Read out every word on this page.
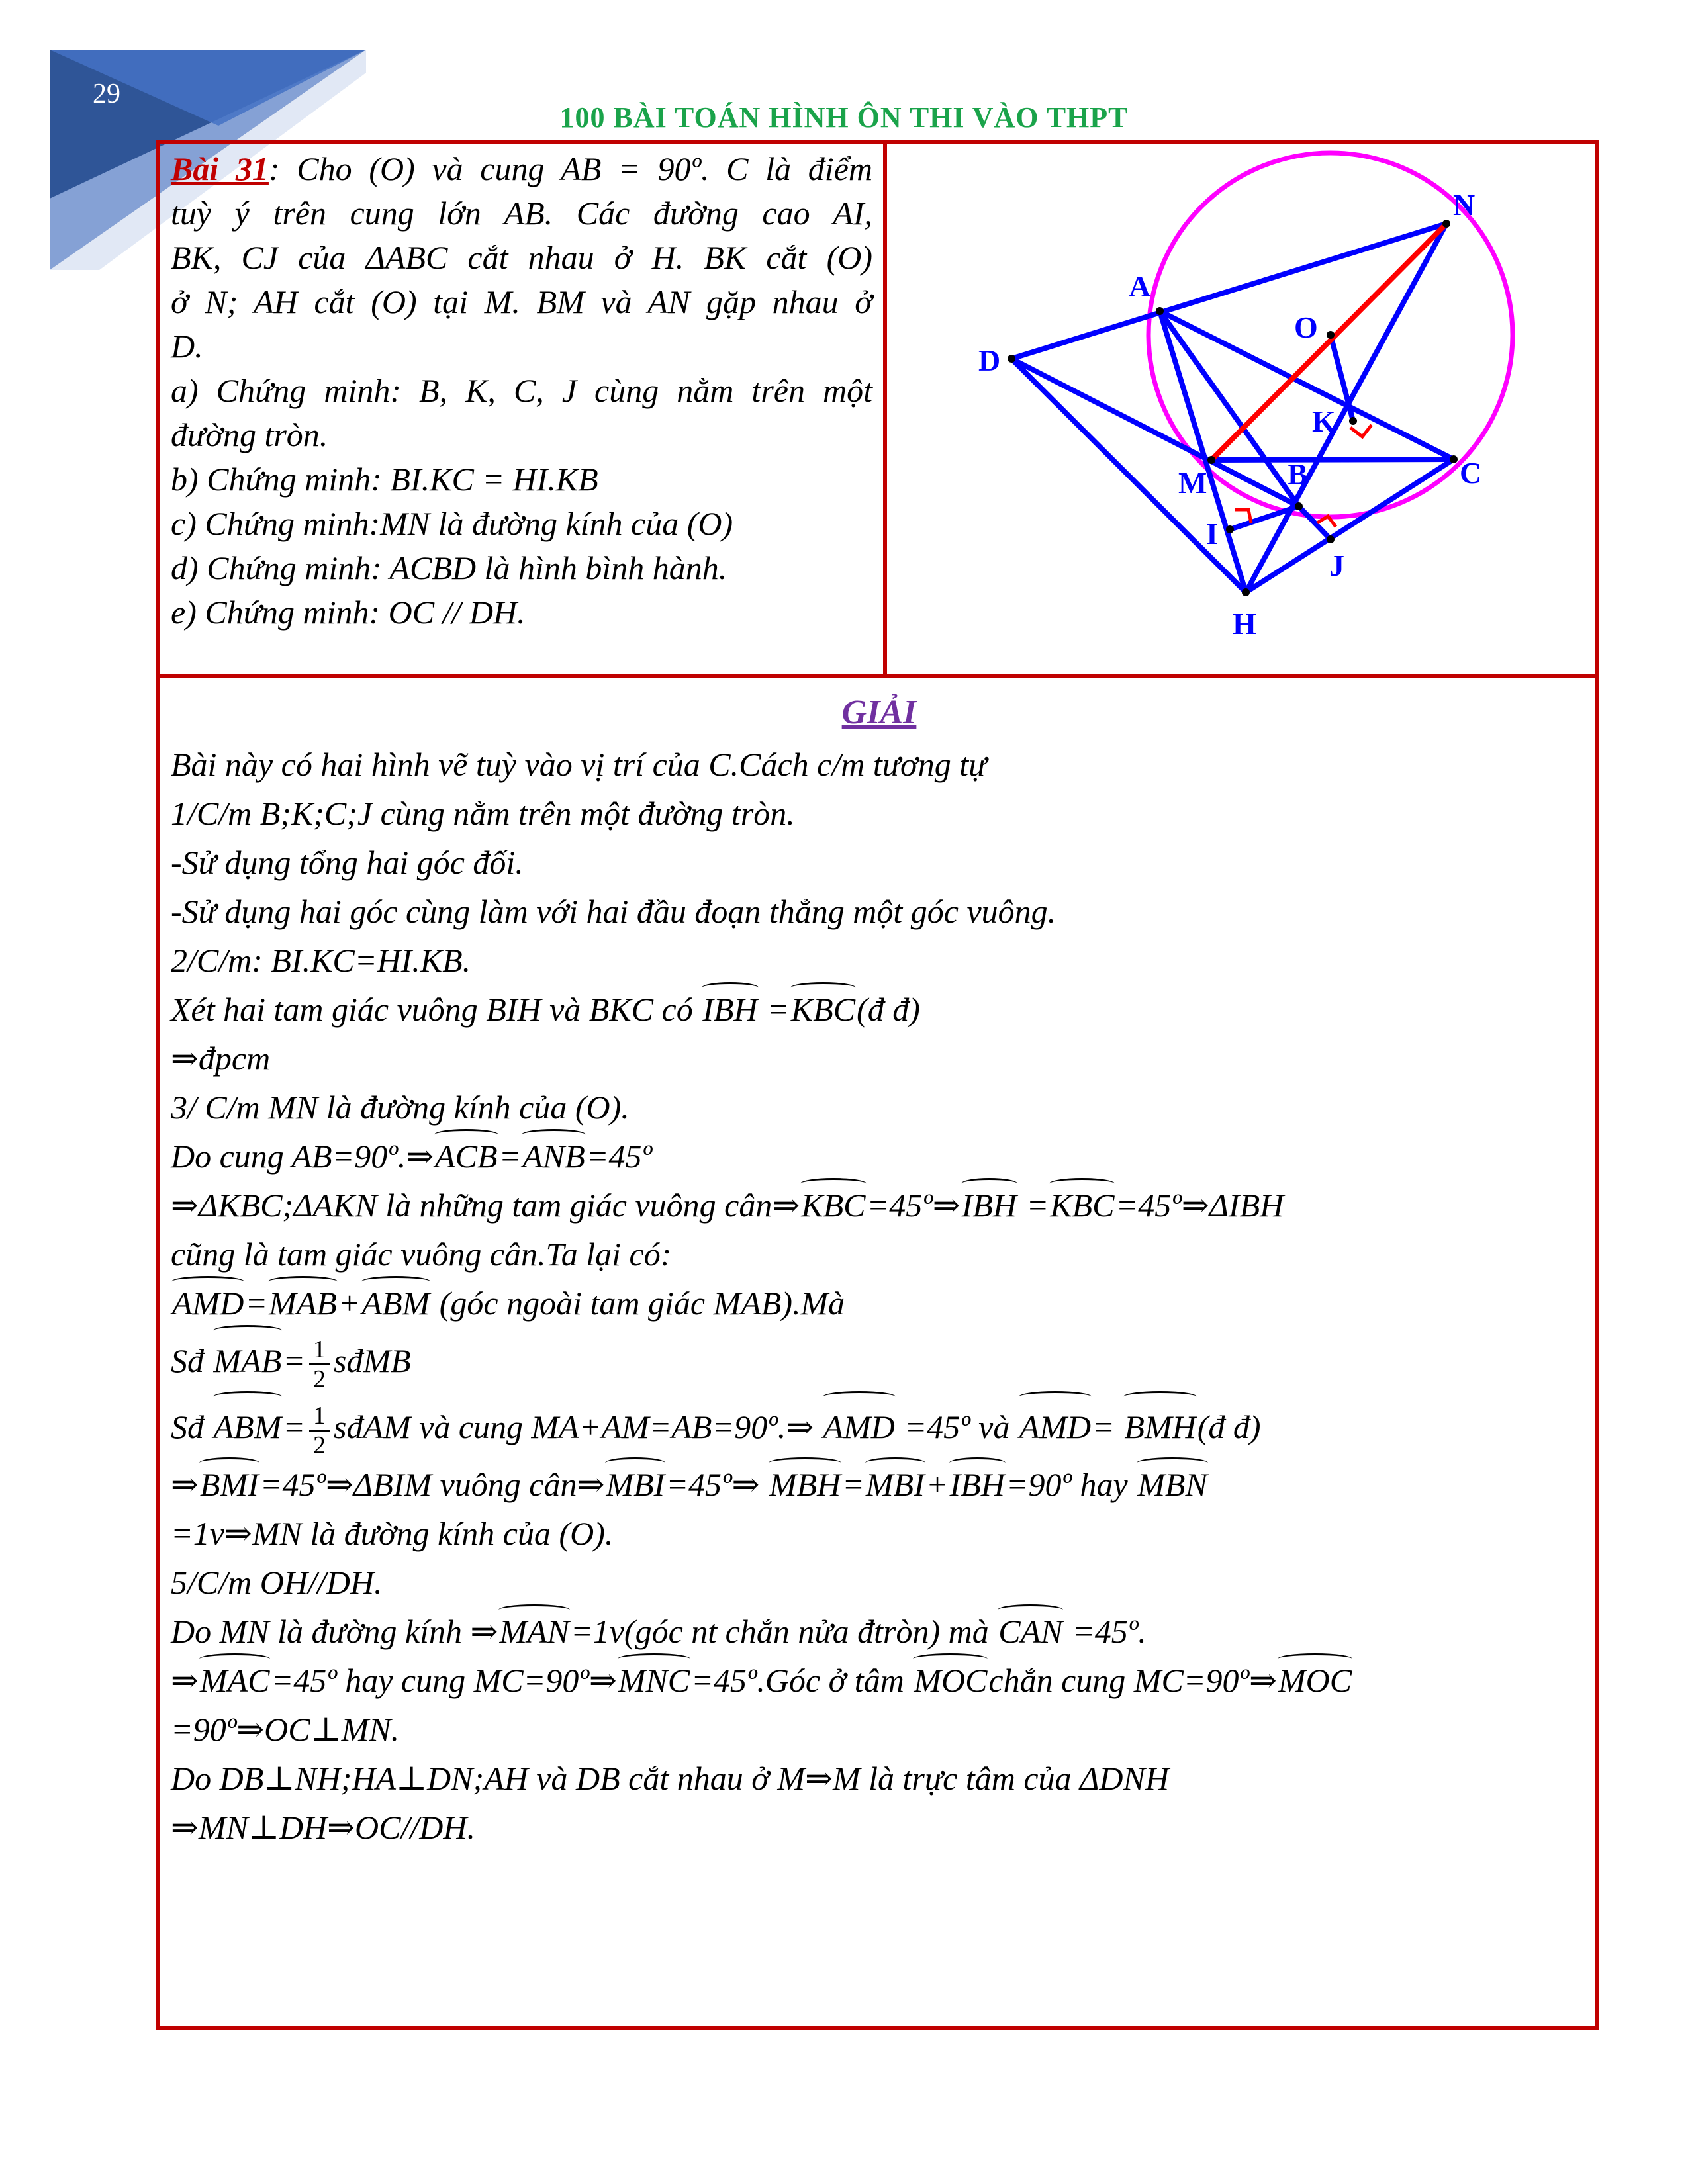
29
100 BÀI TOÁN HÌNH ÔN THI VÀO THPT
Bài 31: Cho (O) và cung AB = 90º. C là điểm
tuỳ ý trên cung lớn AB. Các đường cao AI,
BK, CJ của ΔABC cắt nhau ở H. BK cắt (O)
ở N; AH cắt (O) tại M. BM và AN gặp nhau ở
D.
a) Chứng minh: B, K, C, J cùng nằm trên một
đường tròn.
b) Chứng minh: BI.KC = HI.KB
c) Chứng minh:MN là đường kính của (O)
d) Chứng minh: ACBD là hình bình hành.
e) Chứng minh: OC // DH.
N
A
O
D
K
C
M	B
I
J
H
GIẢI
Bài này có hai hình vẽ tuỳ vào vị trí của C.Cách c/m tương tự
1/C/m B;K;C;J cùng nằm trên một đường tròn.
-Sử dụng tổng hai góc đối.
-Sử dụng hai góc cùng làm với hai đầu đoạn thẳng một góc vuông.
2/C/m: BI.KC=HI.KB.
Xét hai tam giác vuông BIH và BKC có IBH =KBC(đ đ)
⇒đpcm
3/ C/m MN là đường kính của (O).
Do cung AB=90º.⇒ACB=ANB=45º
⇒ΔKBC;ΔAKN là những tam giác vuông cân⇒KBC=45º⇒IBH =KBC=45º⇒ΔIBH
cũng là tam giác vuông cân.Ta lại có:
AMD=MAB+ABM (góc ngoài tam giác MAB).Mà
Sđ $MAB= \frac{1}{2}$ sđMB
Sđ $ABM= \frac{1}{2}$ sđAM và cung MA+AM=AB=90º.⇒ AMD =45º và AMD= BMH(đ đ)
⇒BMI=45º⇒ΔBIM vuông cân⇒MBI=45º⇒ MBH=MBI+IBH=90º hay MBN
=1v⇒MN là đường kính của (O).
5/C/m OH//DH.
Do MN là đường kính ⇒MAN=1v(góc nt chắn nửa đtròn) mà CAN =45º.
⇒MAC=45º hay cung MC=90º⇒MNC=45º.Góc ở tâm MOCchắn cung MC=90º⇒MOC
=90º⇒OC⊥MN.
Do DB⊥NH;HA⊥DN;AH và DB cắt nhau ở M⇒M là trực tâm của ΔDNH
⇒MN⊥DH⇒OC//DH.
